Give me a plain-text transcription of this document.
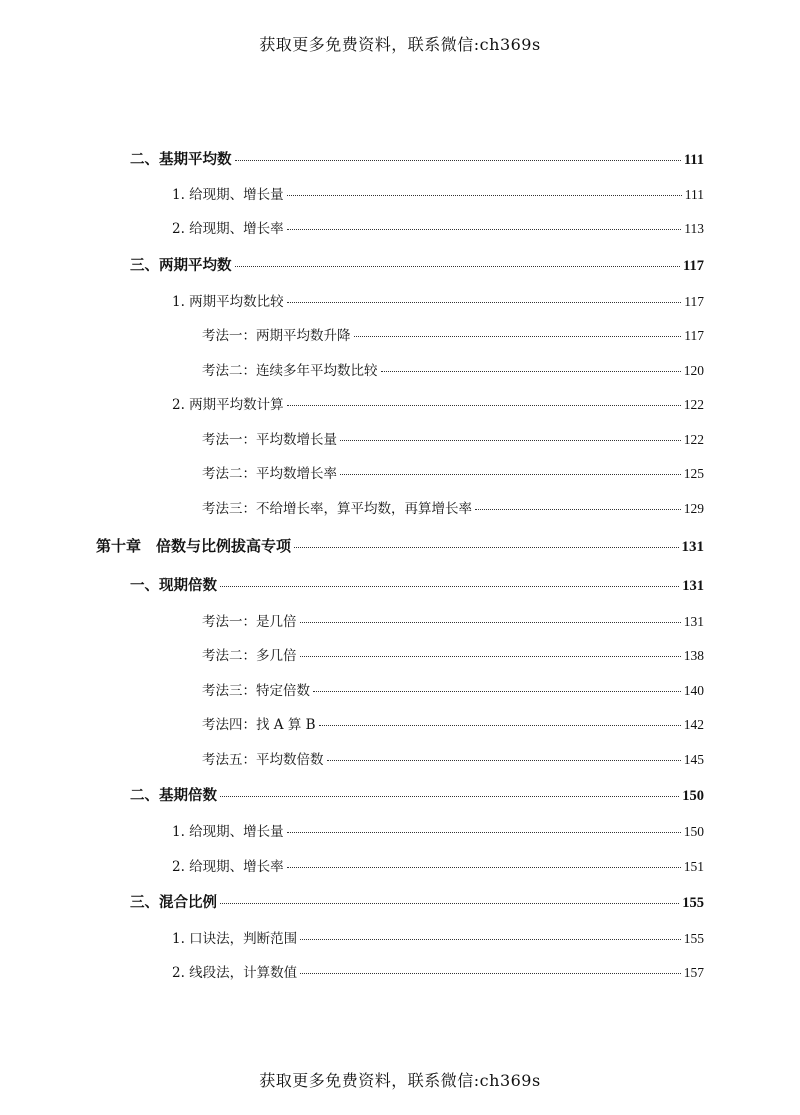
获取更多免费资料，联系微信:ch369s
二、基期平均数	111
1. 给现期、增长量	111
2. 给现期、增长率	113
三、两期平均数	117
1. 两期平均数比较	117
考法一：两期平均数升降	117
考法二：连续多年平均数比较	120
2. 两期平均数计算	122
考法一：平均数增长量	122
考法二：平均数增长率	125
考法三：不给增长率，算平均数，再算增长率	129
第十章　倍数与比例拔高专项	131
一、现期倍数	131
考法一：是几倍	131
考法二：多几倍	138
考法三：特定倍数	140
考法四：找 A 算 B	142
考法五：平均数倍数	145
二、基期倍数	150
1. 给现期、增长量	150
2. 给现期、增长率	151
三、混合比例	155
1. 口诀法，判断范围	155
2. 线段法，计算数值	157
获取更多免费资料，联系微信:ch369s
